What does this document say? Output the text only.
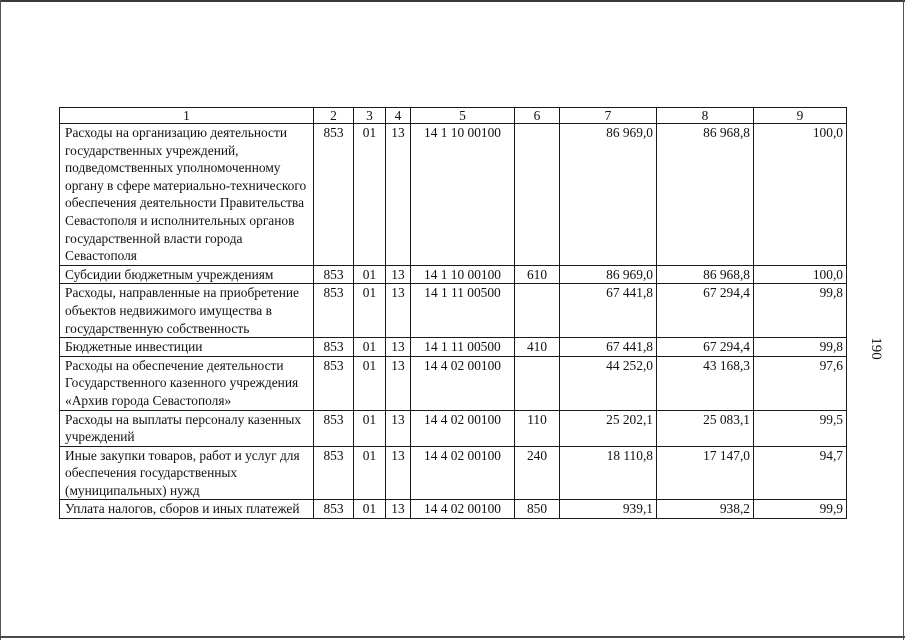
1	2	3	4	5	6	7	8	9
Расходы на организацию деятельности государственных учреждений, подведомственных уполномоченному органу в сфере материально-технического обеспечения деятельности Правительства Севастополя и исполнительных органов государственной власти города Севастополя	853	01	13	14 1 10 00100		86 969,0	86 968,8	100,0
Субсидии бюджетным учреждениям	853	01	13	14 1 10 00100	610	86 969,0	86 968,8	100,0
Расходы, направленные на приобретение объектов недвижимого имущества в государственную собственность	853	01	13	14 1 11 00500		67 441,8	67 294,4	99,8
Бюджетные инвестиции	853	01	13	14 1 11 00500	410	67 441,8	67 294,4	99,8
Расходы на обеспечение деятельности Государственного казенного учреждения «Архив города Севастополя»	853	01	13	14 4 02 00100		44 252,0	43 168,3	97,6
Расходы на выплаты персоналу казенных учреждений	853	01	13	14 4 02 00100	110	25 202,1	25 083,1	99,5
Иные закупки товаров, работ и услуг для обеспечения государственных (муниципальных) нужд	853	01	13	14 4 02 00100	240	18 110,8	17 147,0	94,7
Уплата налогов, сборов и иных платежей	853	01	13	14 4 02 00100	850	939,1	938,2	99,9
190
